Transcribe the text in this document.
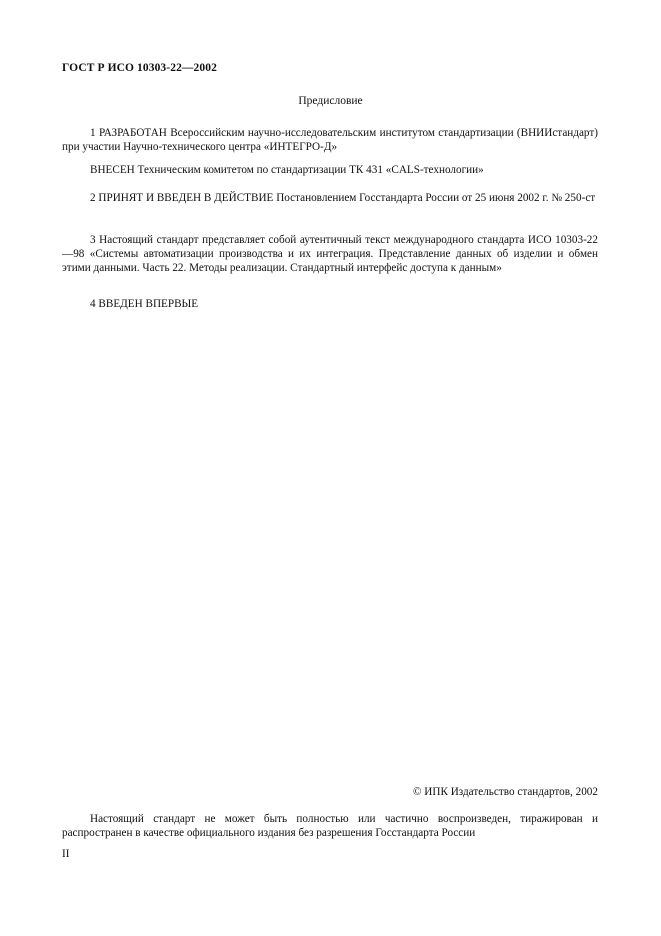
ГОСТ Р ИСО 10303-22—2002
Предисловие

1 РАЗРАБОТАН Всероссийским научно-исследовательским институтом стандартизации (ВНИИстандарт) при участии Научно-технического центра «ИНТЕГРО-Д»

ВНЕСЕН Техническим комитетом по стандартизации ТК 431 «CALS-технологии»

2 ПРИНЯТ И ВВЕДЕН В ДЕЙСТВИЕ Постановлением Госстандарта России от 25 июня 2002 г. № 250-ст

3 Настоящий стандарт представляет собой аутентичный текст международного стандарта ИСО 10303-22—98 «Системы автоматизации производства и их интеграция. Представление данных об изделии и обмен этими данными. Часть 22. Методы реализации. Стандартный интерфейс доступа к данным»

4 ВВЕДЕН ВПЕРВЫЕ

© ИПК Издательство стандартов, 2002

Настоящий стандарт не может быть полностью или частично воспроизведен, тиражирован и распространен в качестве официального издания без разрешения Госстандарта России

II
